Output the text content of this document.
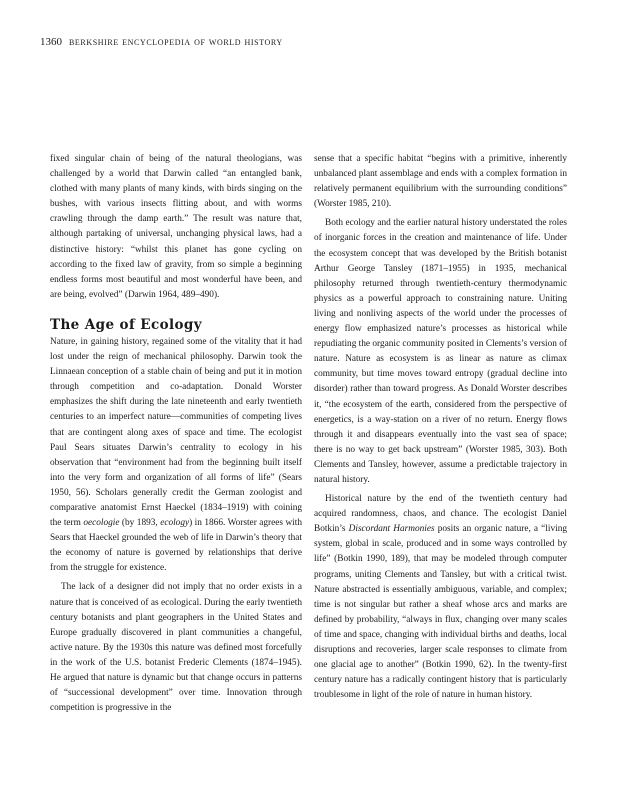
1360 berkshire encyclopedia of world history

fixed singular chain of being of the natural theologians, was challenged by a world that Darwin called “an entangled bank, clothed with many plants of many kinds, with birds singing on the bushes, with various insects flitting about, and with worms crawling through the damp earth.” The result was nature that, although partaking of universal, unchanging physical laws, had a distinctive history: “whilst this planet has gone cycling on according to the fixed law of gravity, from so simple a beginning endless forms most beautiful and most wonderful have been, and are being, evolved” (Darwin 1964, 489–490).

The Age of Ecology

Nature, in gaining history, regained some of the vitality that it had lost under the reign of mechanical philosophy. Darwin took the Linnaean conception of a stable chain of being and put it in motion through competition and co-adaptation. Donald Worster emphasizes the shift during the late nineteenth and early twentieth centuries to an imperfect nature—communities of competing lives that are contingent along axes of space and time. The ecologist Paul Sears situates Darwin’s centrality to ecology in his observation that “environment had from the beginning built itself into the very form and organization of all forms of life” (Sears 1950, 56). Scholars generally credit the German zoologist and comparative anatomist Ernst Haeckel (1834–1919) with coining the term oecologie (by 1893, ecology) in 1866. Worster agrees with Sears that Haeckel grounded the web of life in Darwin’s theory that the economy of nature is governed by relationships that derive from the struggle for existence.

The lack of a designer did not imply that no order exists in a nature that is conceived of as ecological. During the early twentieth century botanists and plant geographers in the United States and Europe gradually discovered in plant communities a changeful, active nature. By the 1930s this nature was defined most forcefully in the work of the U.S. botanist Frederic Clements (1874–1945). He argued that nature is dynamic but that change occurs in patterns of “successional development” over time. Innovation through competition is progressive in the

sense that a specific habitat “begins with a primitive, inherently unbalanced plant assemblage and ends with a complex formation in relatively permanent equilibrium with the surrounding conditions” (Worster 1985, 210).

Both ecology and the earlier natural history understated the roles of inorganic forces in the creation and maintenance of life. Under the ecosystem concept that was developed by the British botanist Arthur George Tansley (1871–1955) in 1935, mechanical philosophy returned through twentieth-century thermodynamic physics as a powerful approach to constraining nature. Uniting living and nonliving aspects of the world under the processes of energy flow emphasized nature’s processes as historical while repudiating the organic community posited in Clements’s version of nature. Nature as ecosystem is as linear as nature as climax community, but time moves toward entropy (gradual decline into disorder) rather than toward progress. As Donald Worster describes it, “the ecosystem of the earth, considered from the perspective of energetics, is a way-station on a river of no return. Energy flows through it and disappears eventually into the vast sea of space; there is no way to get back upstream” (Worster 1985, 303). Both Clements and Tansley, however, assume a predictable trajectory in natural history.

Historical nature by the end of the twentieth century had acquired randomness, chaos, and chance. The ecologist Daniel Botkin’s Discordant Harmonies posits an organic nature, a “living system, global in scale, produced and in some ways controlled by life” (Botkin 1990, 189), that may be modeled through computer programs, uniting Clements and Tansley, but with a critical twist. Nature abstracted is essentially ambiguous, variable, and complex; time is not singular but rather a sheaf whose arcs and marks are defined by probability, “always in flux, changing over many scales of time and space, changing with individual births and deaths, local disruptions and recoveries, larger scale responses to climate from one glacial age to another” (Botkin 1990, 62). In the twenty-first century nature has a radically contingent history that is particularly troublesome in light of the role of nature in human history.
